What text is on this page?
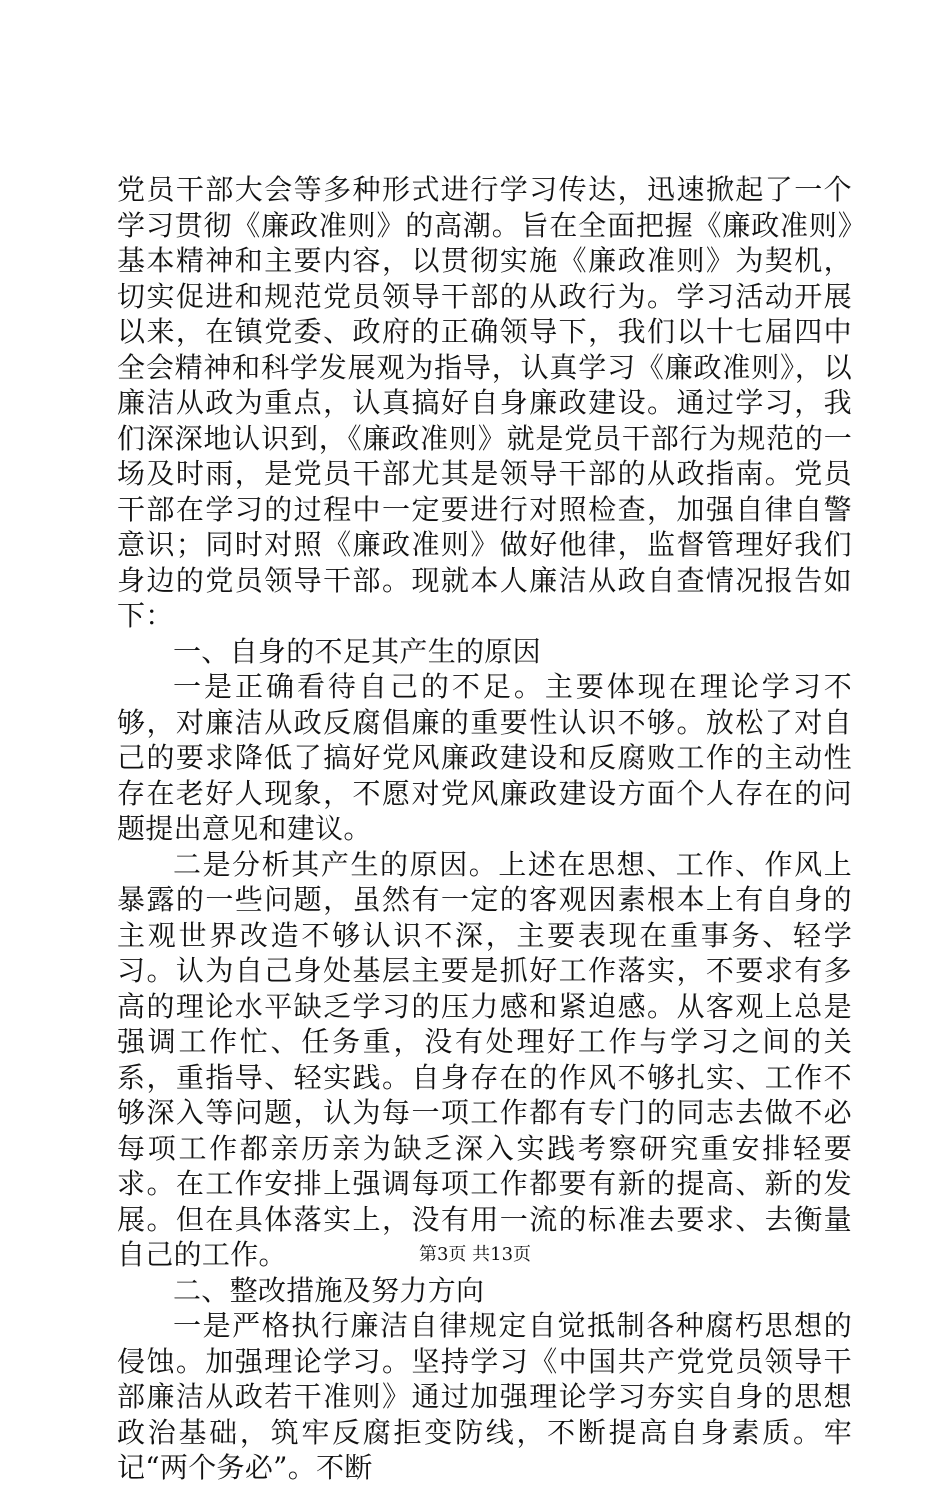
党员干部大会等多种形式进行学习传达，迅速掀起了一个学习贯彻《廉政准则》的高潮。旨在全面把握《廉政准则》基本精神和主要内容，以贯彻实施《廉政准则》为契机，切实促进和规范党员领导干部的从政行为。学习活动开展以来，在镇党委、政府的正确领导下，我们以十七届四中全会精神和科学发展观为指导，认真学习《廉政准则》，以廉洁从政为重点，认真搞好自身廉政建设。通过学习，我们深深地认识到，《廉政准则》就是党员干部行为规范的一场及时雨，是党员干部尤其是领导干部的从政指南。党员干部在学习的过程中一定要进行对照检查，加强自律自警意识；同时对照《廉政准则》做好他律，监督管理好我们身边的党员领导干部。现就本人廉洁从政自查情况报告如下：

一、自身的不足其产生的原因

一是正确看待自己的不足。主要体现在理论学习不够，对廉洁从政反腐倡廉的重要性认识不够。放松了对自己的要求降低了搞好党风廉政建设和反腐败工作的主动性存在老好人现象，不愿对党风廉政建设方面个人存在的问题提出意见和建议。

二是分析其产生的原因。上述在思想、工作、作风上暴露的一些问题，虽然有一定的客观因素根本上有自身的主观世界改造不够认识不深，主要表现在重事务、轻学习。认为自己身处基层主要是抓好工作落实，不要求有多高的理论水平缺乏学习的压力感和紧迫感。从客观上总是强调工作忙、任务重，没有处理好工作与学习之间的关系，重指导、轻实践。自身存在的作风不够扎实、工作不够深入等问题，认为每一项工作都有专门的同志去做不必每项工作都亲历亲为缺乏深入实践考察研究重安排轻要求。在工作安排上强调每项工作都要有新的提高、新的发展。但在具体落实上，没有用一流的标准去要求、去衡量自己的工作。

二、整改措施及努力方向

一是严格执行廉洁自律规定自觉抵制各种腐朽思想的侵蚀。加强理论学习。坚持学习《中国共产党党员领导干部廉洁从政若干准则》通过加强理论学习夯实自身的思想政治基础，筑牢反腐拒变防线，不断提高自身素质。牢记“两个务必”。不断

第3页 共13页
